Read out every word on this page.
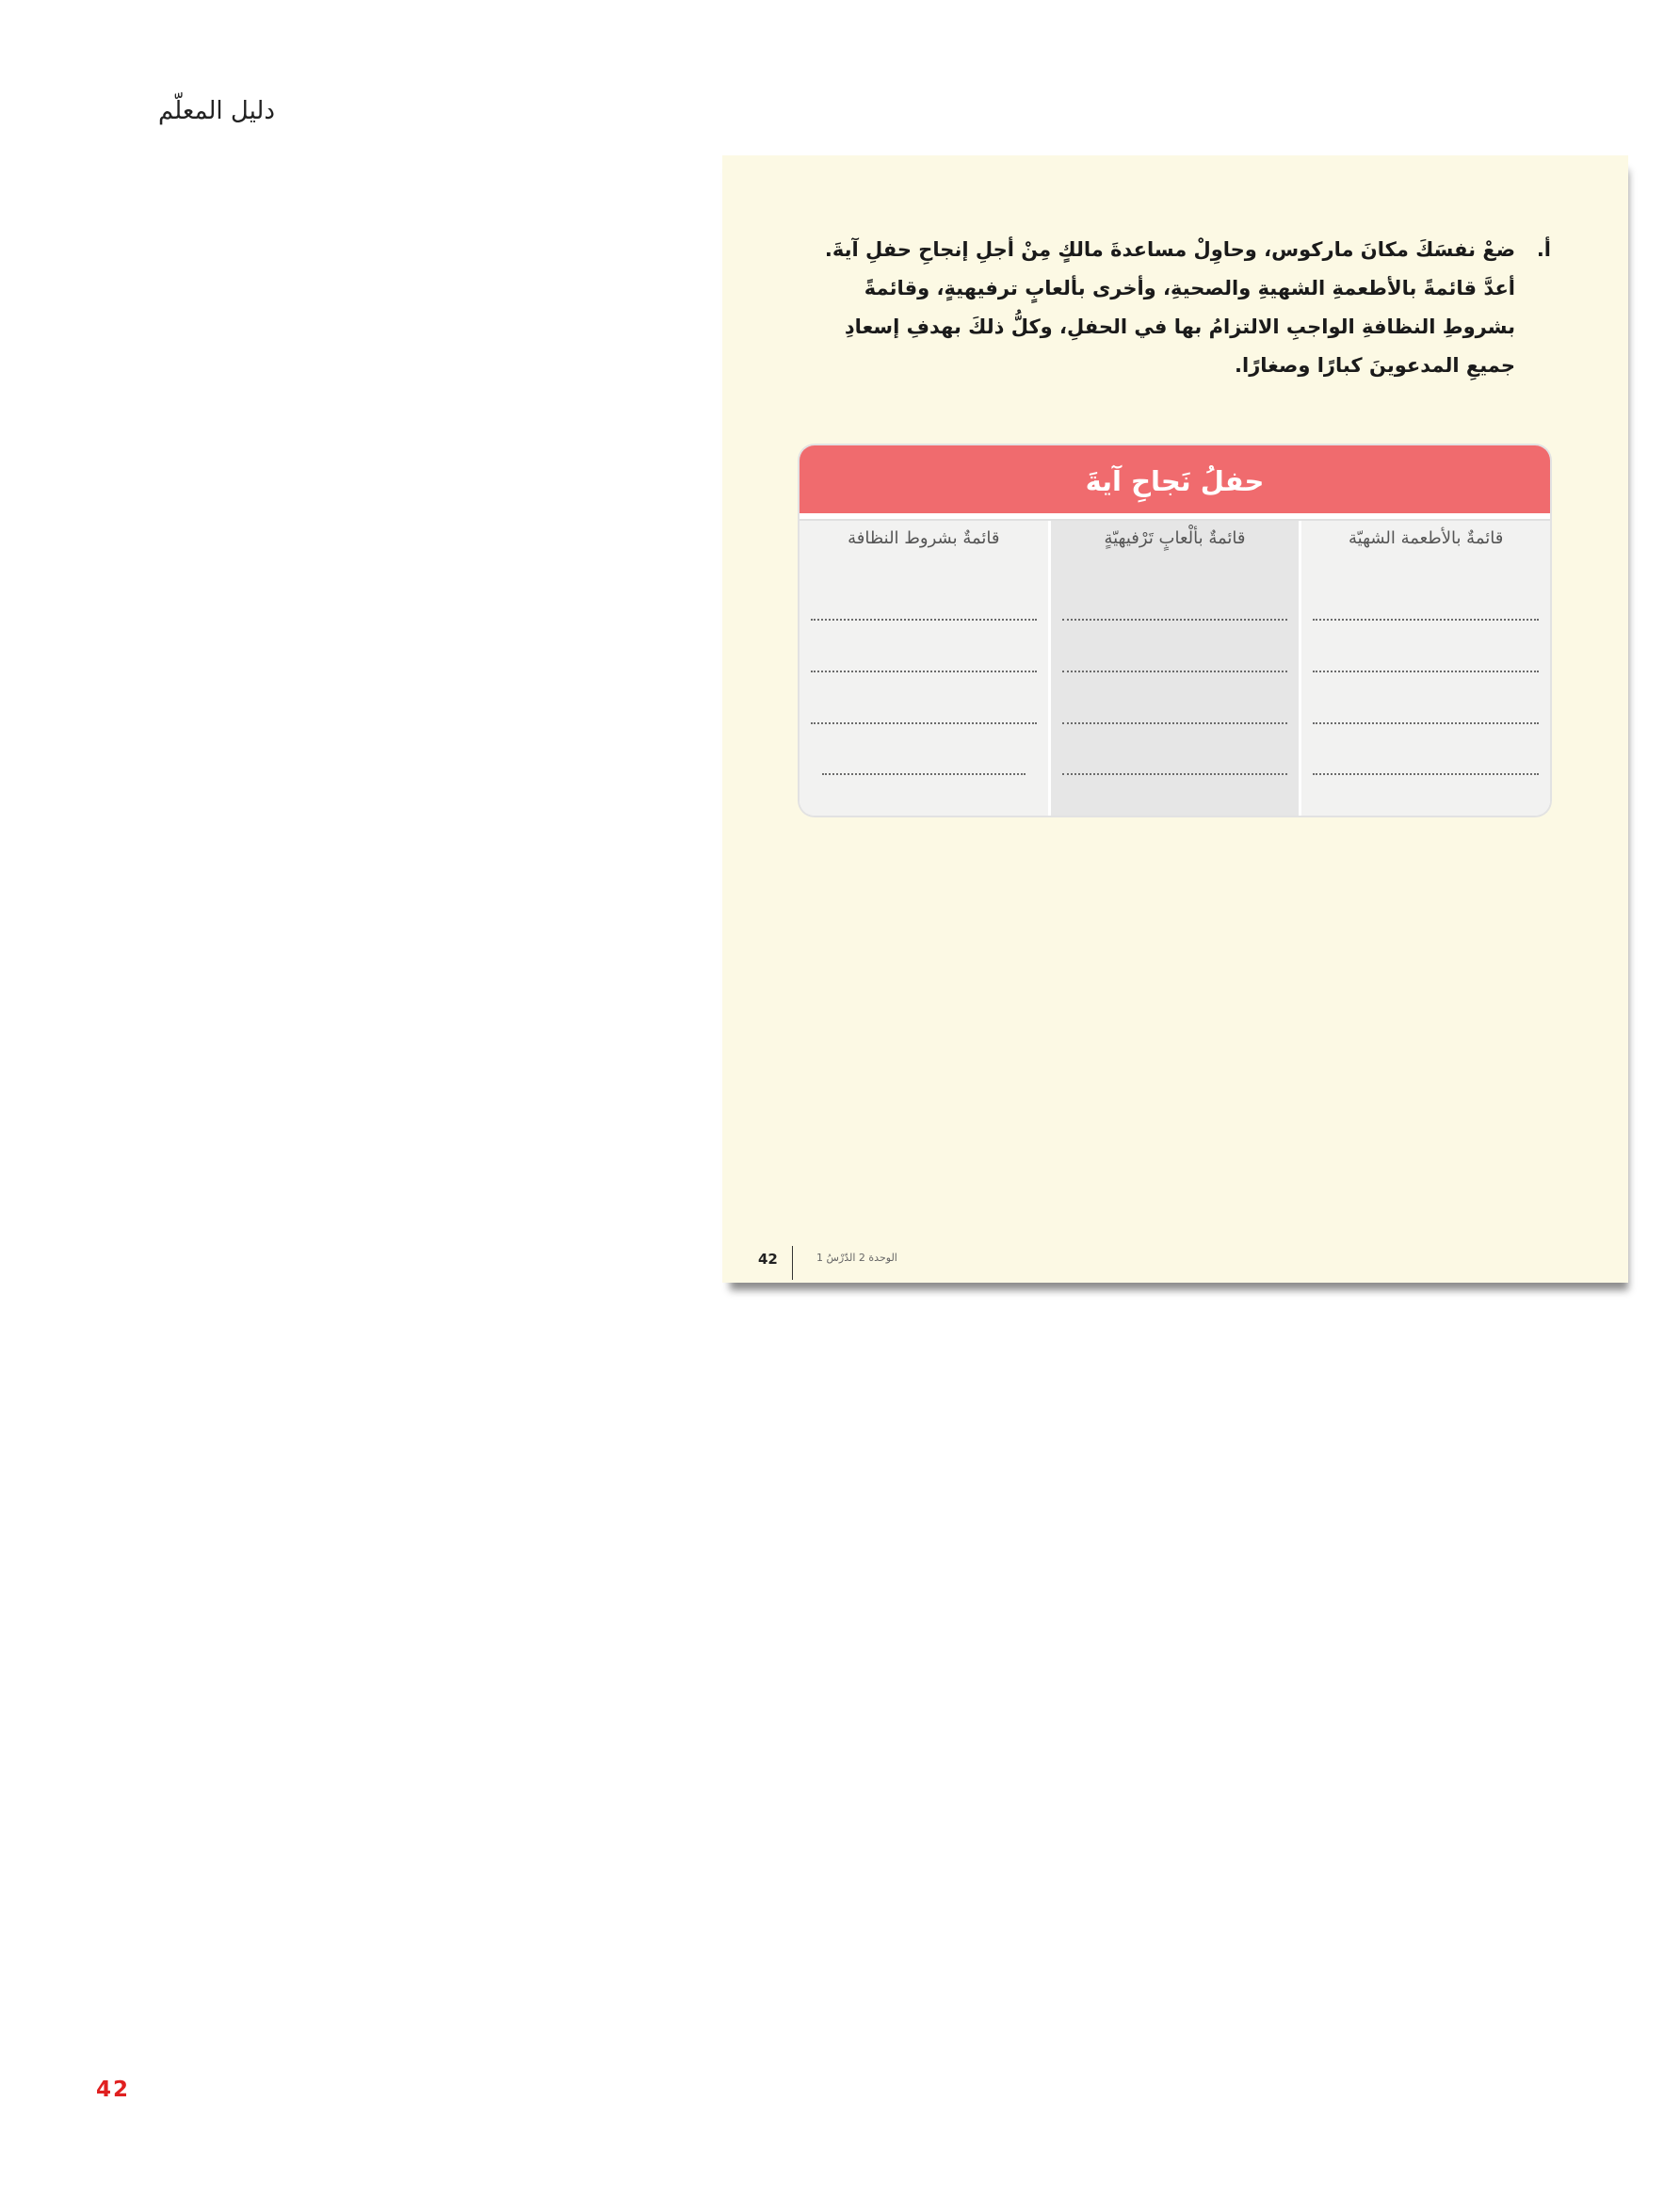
دليل المعلّم
أ.
ضعْ نفسَكَ مكانَ ماركوس، وحاوِلْ مساعدةَ مالكٍ مِنْ أجلِ إنجاحِ حفلِ آيةَ. أعدَّ قائمةً بالأطعمةِ الشهيةِ والصحيةِ، وأخرى بألعابٍ ترفيهيةٍ، وقائمةً بشروطِ النظافةِ الواجبِ الالتزامُ بها في الحفلِ، وكلُّ ذلكَ بهدفِ إسعادِ جميعِ المدعوينَ كبارًا وصغارًا.
حفلُ نَجاحِ آيةَ
قائمةٌ بالأطعمة الشهيّة
قائمةٌ بألْعابٍ تَرْفيهيّةٍ
قائمةٌ بشروط النظافة
42	الوحدة 2 الدّرْسُ 1
42
